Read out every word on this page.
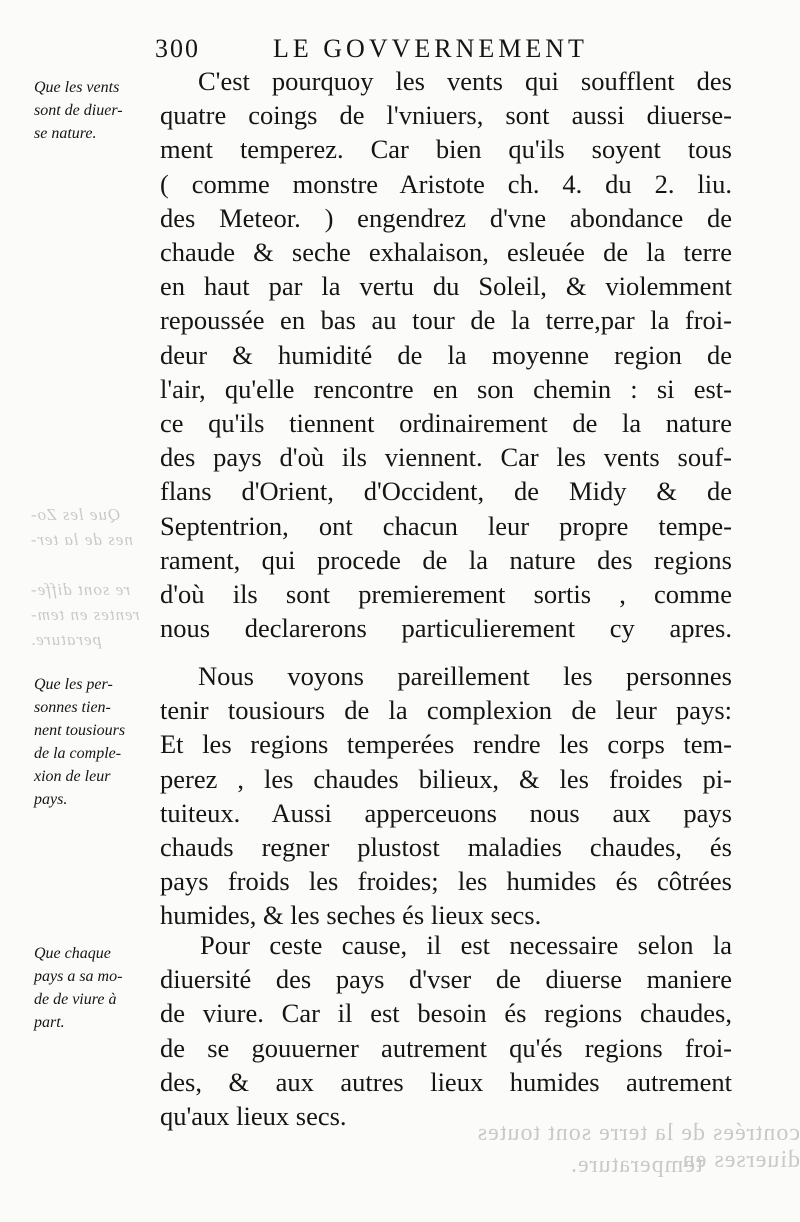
Que les Zo-
nes de la ter-
re sont diffe-
rentes en tem-
perature.
300	LE GOVVERNEMENT
Que les vents
sont de diuer-
se nature.
Que les per-
sonnes tien-
nent tousiours
de la comple-
xion de leur
pays.
Que chaque
pays a sa mo-
de de viure à
part.
C'est pourquoy les vents qui soufflent des
quatre coings de l'vniuers, sont aussi diuerse-
ment temperez. Car bien qu'ils soyent tous
( comme monstre Aristote ch. 4. du 2. liu.
des Meteor. ) engendrez d'vne abondance de
chaude & seche exhalaison, esleuée de la terre
en haut par la vertu du Soleil, & violemment
repoussée en bas au tour de la terre,par la froi-
deur & humidité de la moyenne region de
l'air, qu'elle rencontre en son chemin : si est-
ce qu'ils tiennent ordinairement de la nature
des pays d'où ils viennent. Car les vents souf-
flans d'Orient, d'Occident, de Midy & de
Septentrion, ont chacun leur propre tempe-
rament, qui procede de la nature des regions
d'où ils sont premierement sortis , comme
nous declarerons particulierement cy apres.
Nous voyons pareillement les personnes
tenir tousiours de la complexion de leur pays:
Et les regions temperées rendre les corps tem-
perez , les chaudes bilieux, & les froides pi-
tuiteux. Aussi apperceuons nous aux pays
chauds regner plustost maladies chaudes, és
pays froids les froides; les humides és côtrées
humides, & les seches és lieux secs.
Pour ceste cause, il est necessaire selon la
diuersité des pays d'vser de diuerse maniere
de viure. Car il est besoin és regions chaudes,
de se gouuerner autrement qu'és regions froi-
des, & aux autres lieux humides autrement
qu'aux lieux secs.
contrées de la terre sont toutes diuerses en
temperature.
